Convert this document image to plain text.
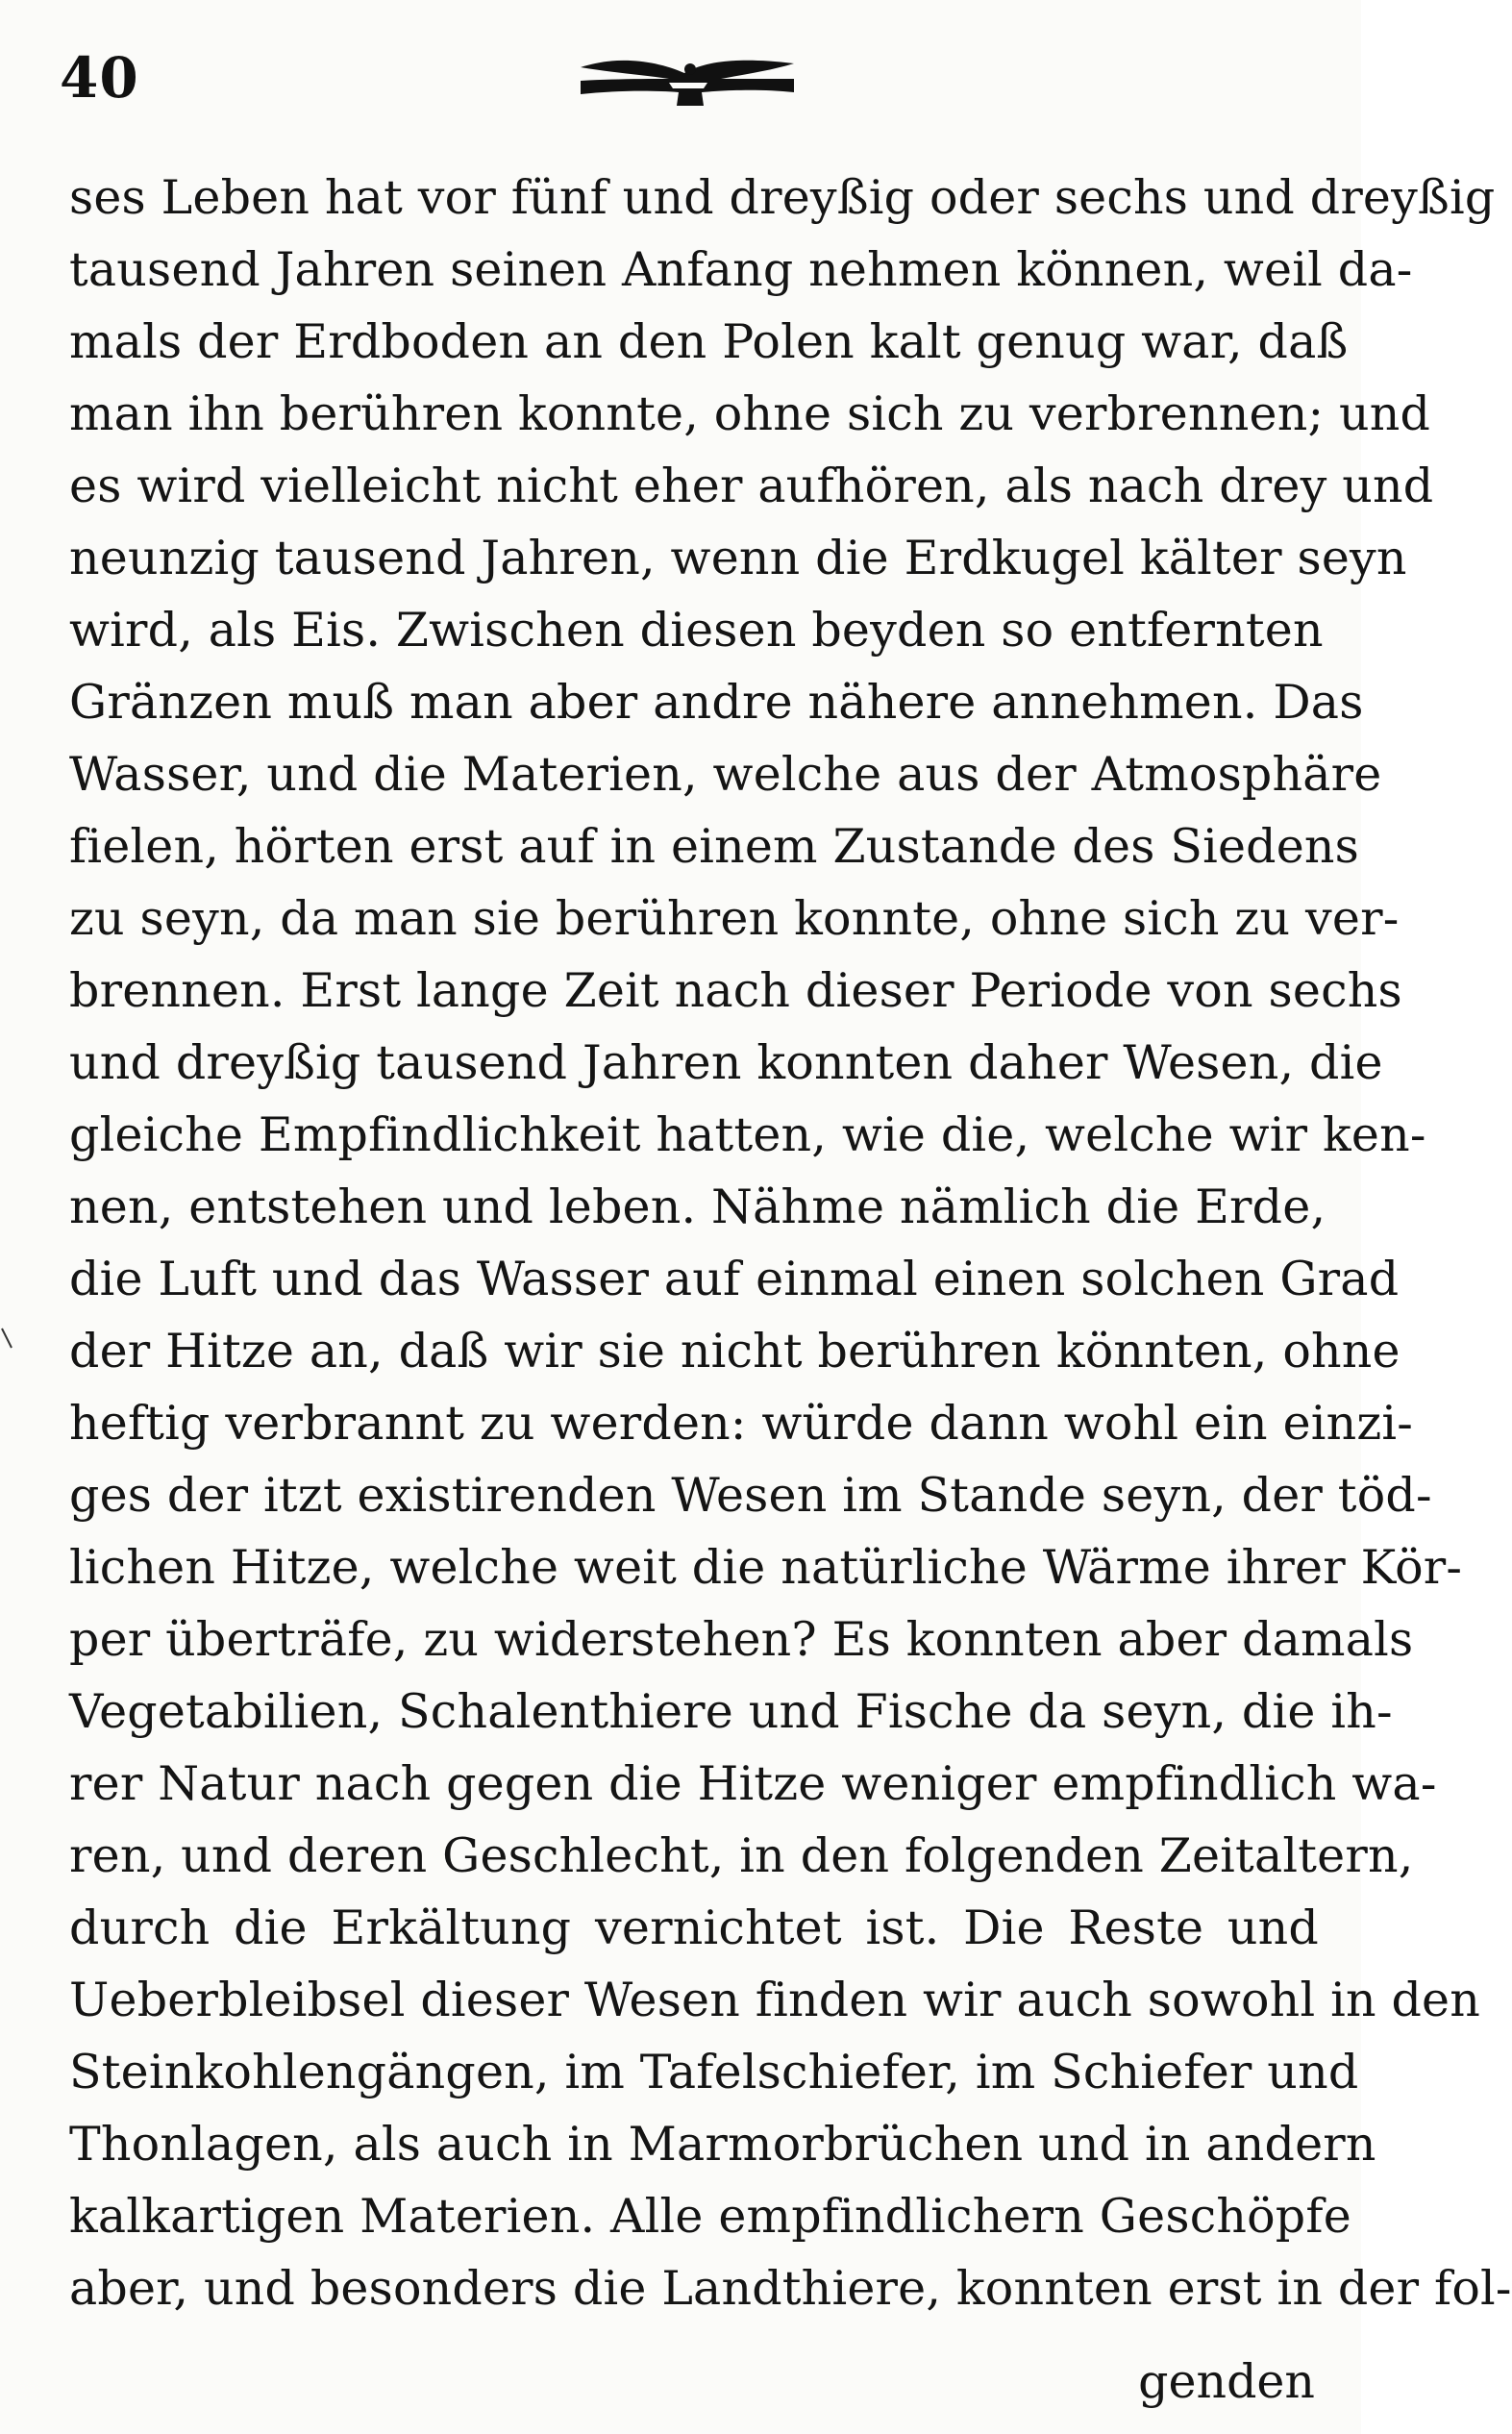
40
ses Leben hat vor fünf und dreyßig oder sechs und dreyßig
tausend Jahren seinen Anfang nehmen können, weil da-
mals der Erdboden an den Polen kalt genug war, daß
man ihn berühren konnte, ohne sich zu verbrennen; und
es wird vielleicht nicht eher aufhören, als nach drey und
neunzig tausend Jahren, wenn die Erdkugel kälter seyn
wird, als Eis. Zwischen diesen beyden so entfernten
Gränzen muß man aber andre nähere annehmen. Das
Wasser, und die Materien, welche aus der Atmosphäre
fielen, hörten erst auf in einem Zustande des Siedens
zu seyn, da man sie berühren konnte, ohne sich zu ver-
brennen. Erst lange Zeit nach dieser Periode von sechs
und dreyßig tausend Jahren konnten daher Wesen, die
gleiche Empfindlichkeit hatten, wie die, welche wir ken-
nen, entstehen und leben. Nähme nämlich die Erde,
die Luft und das Wasser auf einmal einen solchen Grad
der Hitze an, daß wir sie nicht berühren könnten, ohne
heftig verbrannt zu werden: würde dann wohl ein einzi-
ges der itzt existirenden Wesen im Stande seyn, der töd-
lichen Hitze, welche weit die natürliche Wärme ihrer Kör-
per überträfe, zu widerstehen? Es konnten aber damals
Vegetabilien, Schalenthiere und Fische da seyn, die ih-
rer Natur nach gegen die Hitze weniger empfindlich wa-
ren, und deren Geschlecht, in den folgenden Zeitaltern,
durch die Erkältung vernichtet ist. Die Reste und
Ueberbleibsel dieser Wesen finden wir auch sowohl in den
Steinkohlengängen, im Tafelschiefer, im Schiefer und
Thonlagen, als auch in Marmorbrüchen und in andern
kalkartigen Materien. Alle empfindlichern Geschöpfe
aber, und besonders die Landthiere, konnten erst in der fol-
genden
